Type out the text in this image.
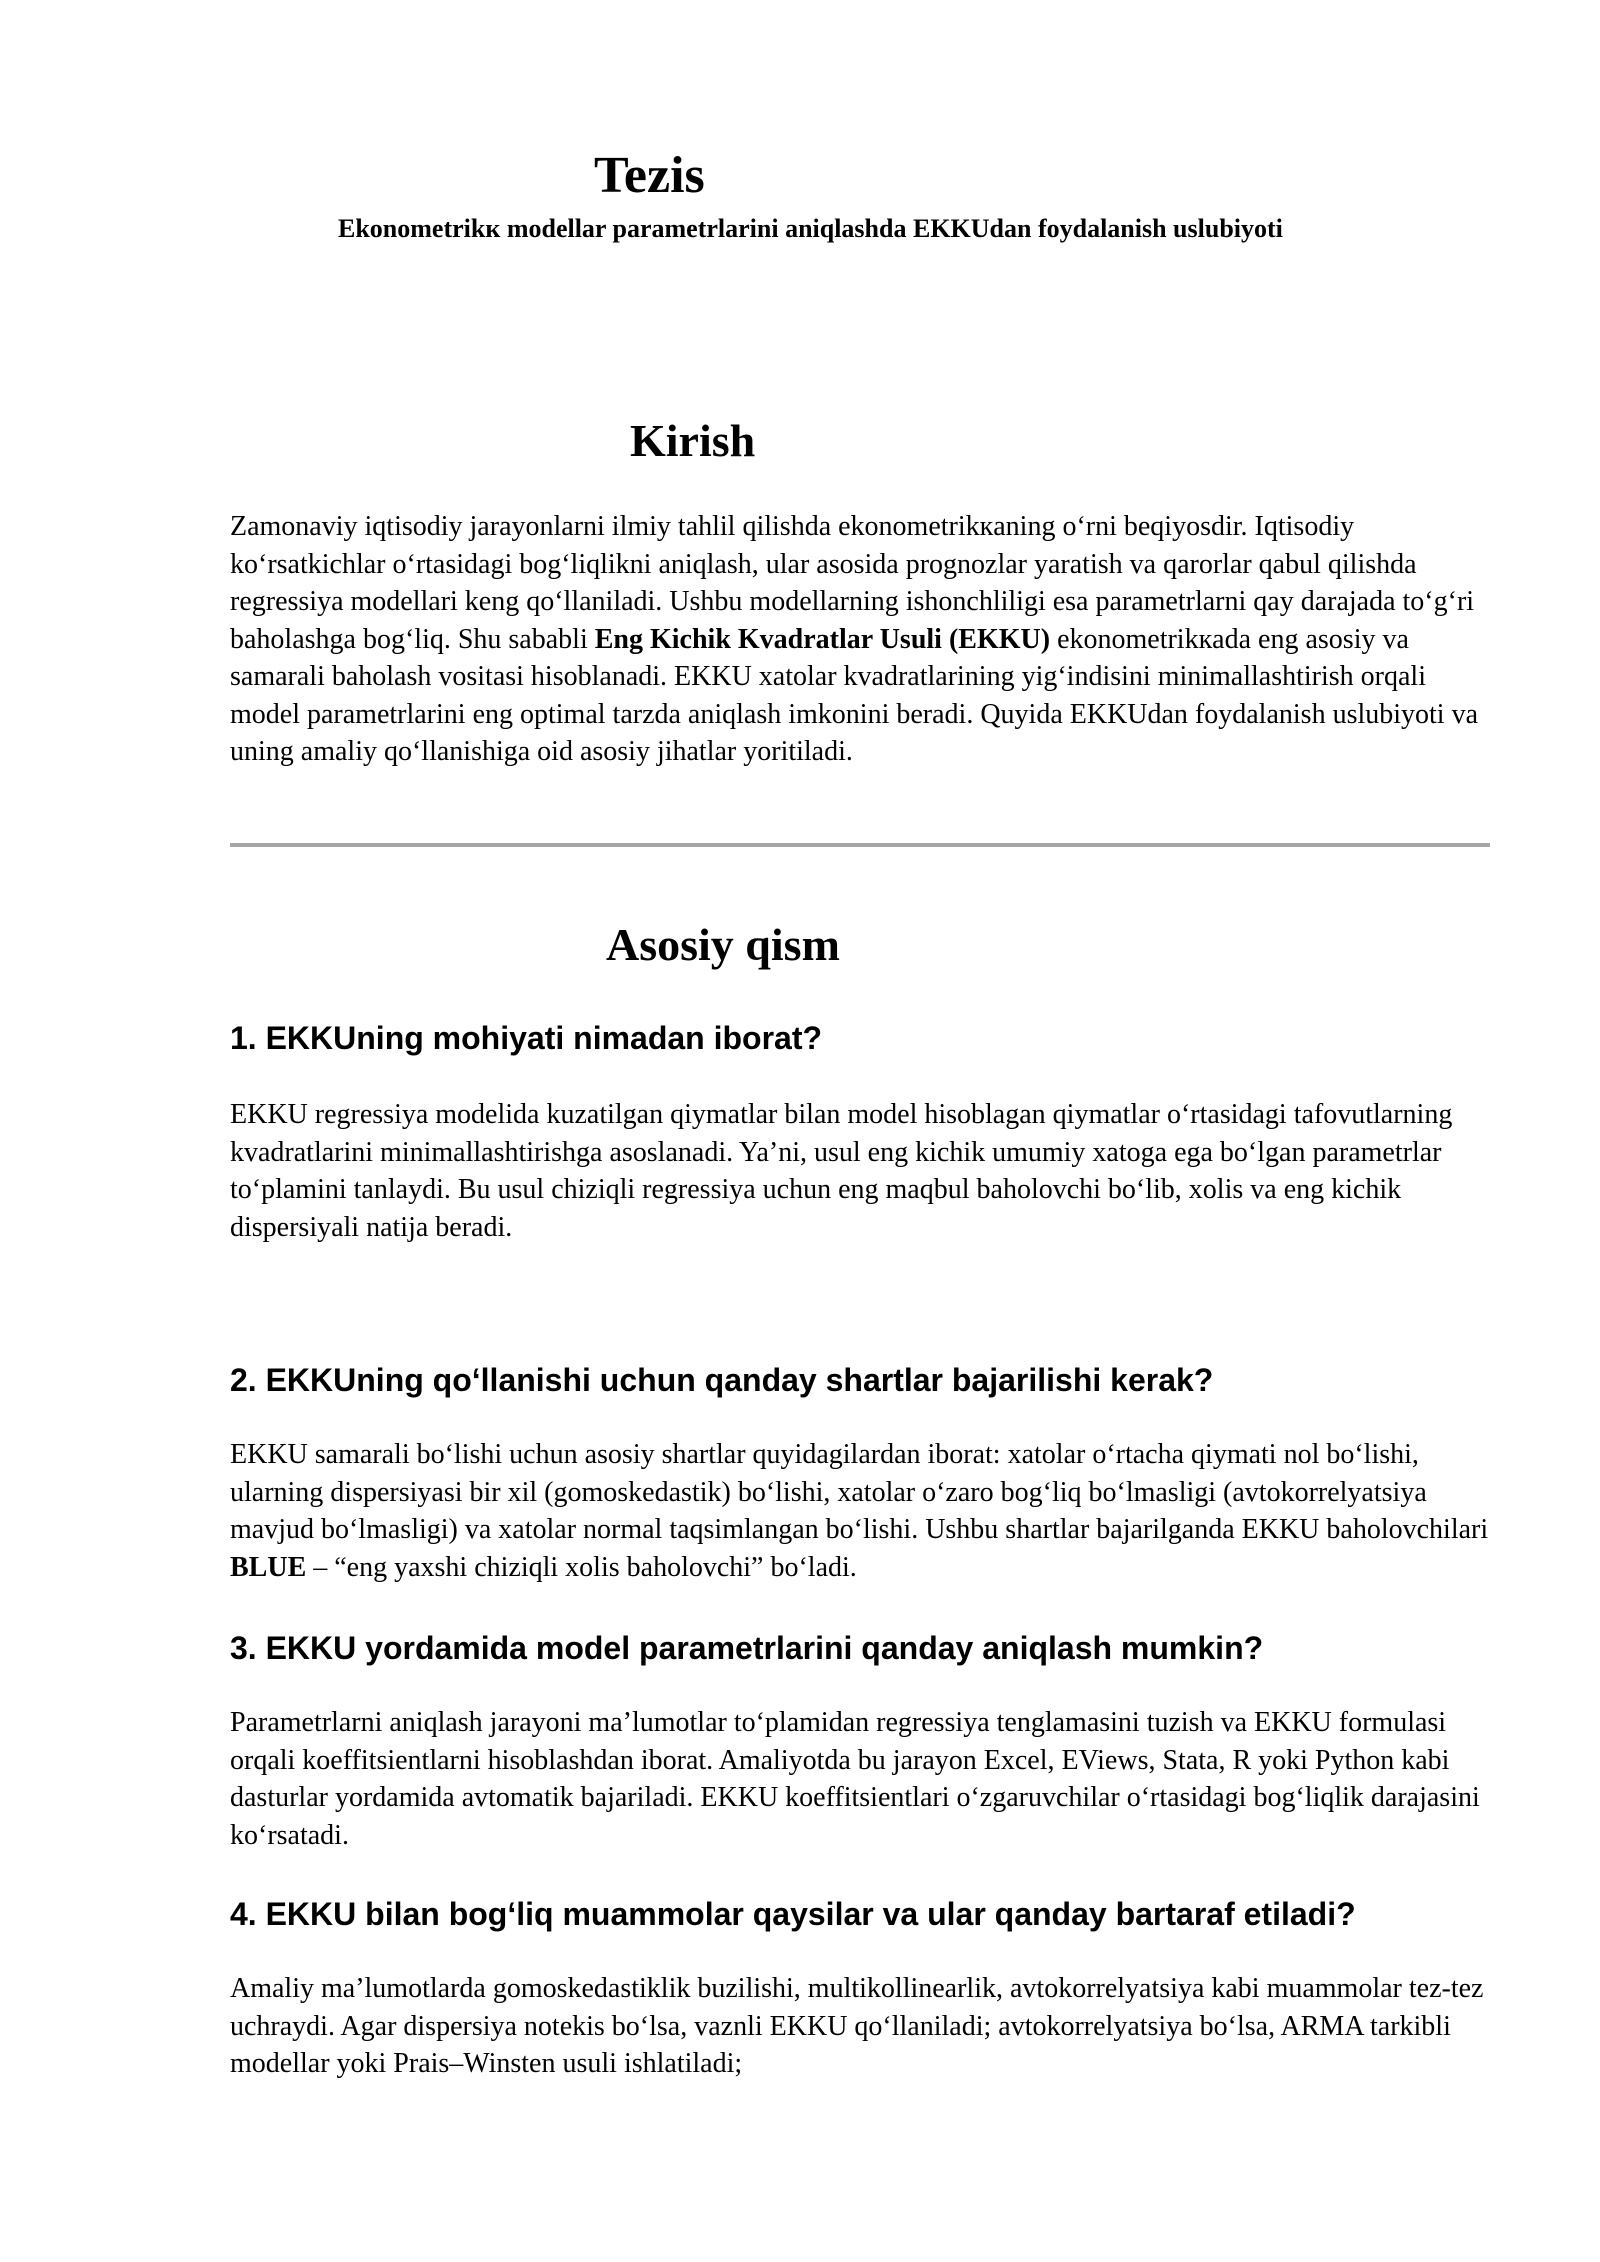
Tezis
Ekonometrikк modellar parametrlarini aniqlashda EKKUdan foydalanish uslubiyoti
Kirish

Zamonaviy iqtisodiy jarayonlarni ilmiy tahlil qilishda ekonometrikкaning o‘rni beqiyosdir. Iqtisodiy ko‘rsatkichlar o‘rtasidagi bog‘liqlikni aniqlash, ular asosida prognozlar yaratish va qarorlar qabul qilishda regressiya modellari keng qo‘llaniladi. Ushbu modellarning ishonchliligi esa parametrlarni qay darajada to‘g‘ri baholashga bog‘liq. Shu sababli Eng Kichik Kvadratlar Usuli (EKKU) ekonometrikкada eng asosiy va samarali baholash vositasi hisoblanadi. EKKU xatolar kvadratlarining yig‘indisini minimallashtirish orqali model parametrlarini eng optimal tarzda aniqlash imkonini beradi. Quyida EKKUdan foydalanish uslubiyoti va uning amaliy qo‘llanishiga oid asosiy jihatlar yoritiladi.

Asosiy qism
1. EKKUning mohiyati nimadan iborat?

EKKU regressiya modelida kuzatilgan qiymatlar bilan model hisoblagan qiymatlar o‘rtasidagi tafovutlarning kvadratlarini minimallashtirishga asoslanadi. Ya’ni, usul eng kichik umumiy xatoga ega bo‘lgan parametrlar to‘plamini tanlaydi. Bu usul chiziqli regressiya uchun eng maqbul baholovchi bo‘lib, xolis va eng kichik dispersiyali natija beradi.

2. EKKUning qo‘llanishi uchun qanday shartlar bajarilishi kerak?

EKKU samarali bo‘lishi uchun asosiy shartlar quyidagilardan iborat: xatolar o‘rtacha qiymati nol bo‘lishi, ularning dispersiyasi bir xil (gomoskedastik) bo‘lishi, xatolar o‘zaro bog‘liq bo‘lmasligi (avtokorrelyatsiya mavjud bo‘lmasligi) va xatolar normal taqsimlangan bo‘lishi. Ushbu shartlar bajarilganda EKKU baholovchilari BLUE – “eng yaxshi chiziqli xolis baholovchi” bo‘ladi.

3. EKKU yordamida model parametrlarini qanday aniqlash mumkin?

Parametrlarni aniqlash jarayoni ma’lumotlar to‘plamidan regressiya tenglamasini tuzish va EKKU formulasi orqali koeffitsientlarni hisoblashdan iborat. Amaliyotda bu jarayon Excel, EViews, Stata, R yoki Python kabi dasturlar yordamida avtomatik bajariladi. EKKU koeffitsientlari o‘zgaruvchilar o‘rtasidagi bog‘liqlik darajasini ko‘rsatadi.

4. EKKU bilan bog‘liq muammolar qaysilar va ular qanday bartaraf etiladi?

Amaliy ma’lumotlarda gomoskedastiklik buzilishi, multikollinearlik, avtokorrelyatsiya kabi muammolar tez-tez uchraydi. Agar dispersiya notekis bo‘lsa, vaznli EKKU qo‘llaniladi; avtokorrelyatsiya bo‘lsa, ARMA tarkibli modellar yoki Prais–Winsten usuli ishlatiladi;
